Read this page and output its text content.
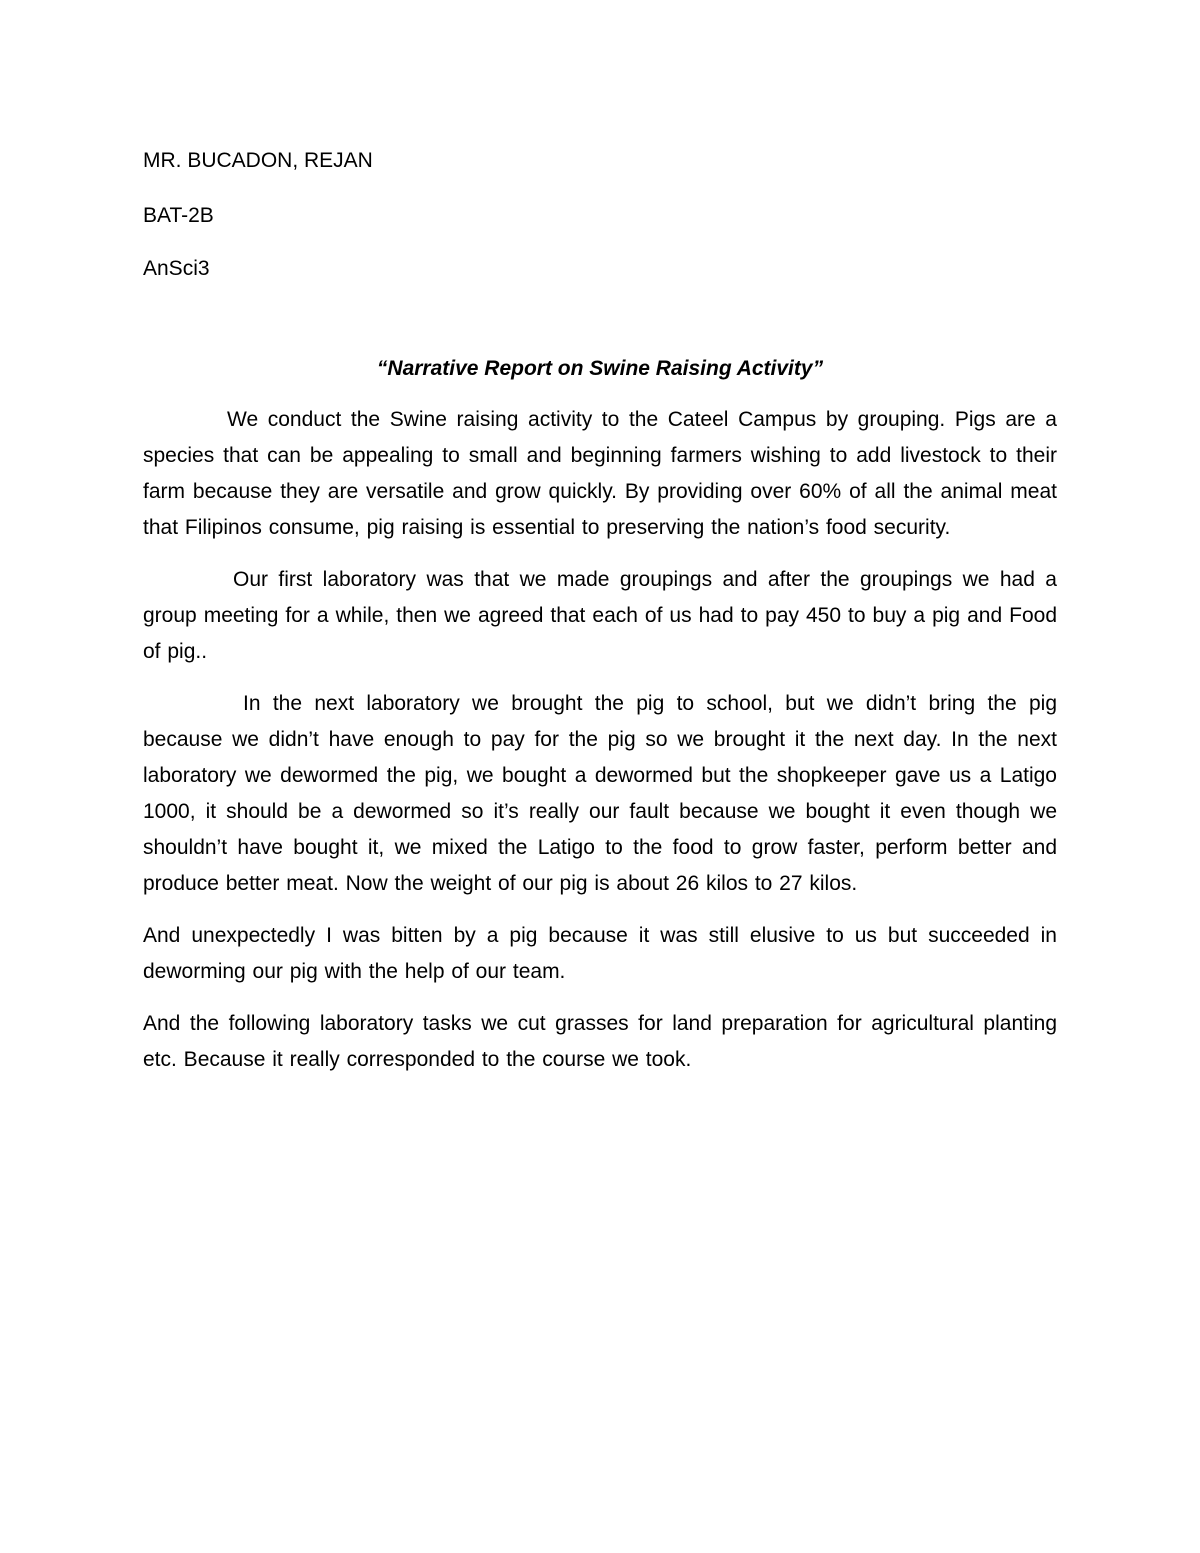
MR. BUCADON, REJAN
BAT-2B
AnSci3
“Narrative Report on Swine Raising Activity”

We conduct the Swine raising activity to the Cateel Campus by grouping. Pigs are a species that can be appealing to small and beginning farmers wishing to add livestock to their farm because they are versatile and grow quickly. By providing over 60% of all the animal meat that Filipinos consume, pig raising is essential to preserving the nation’s food security.

Our first laboratory was that we made groupings and after the groupings we had a group meeting for a while, then we agreed that each of us had to pay 450 to buy a pig and Food of pig..

In the next laboratory we brought the pig to school, but we didn’t bring the pig because we didn’t have enough to pay for the pig so we brought it the next day. In the next laboratory we dewormed the pig, we bought a dewormed but the shopkeeper gave us a Latigo 1000, it should be a dewormed so it’s really our fault because we bought it even though we shouldn’t have bought it, we mixed the Latigo to the food to grow faster, perform better and produce better meat. Now the weight of our pig is about 26 kilos to 27 kilos.

And unexpectedly I was bitten by a pig because it was still elusive to us but succeeded in deworming our pig with the help of our team.

And the following laboratory tasks we cut grasses for land preparation for agricultural planting etc. Because it really corresponded to the course we took.
